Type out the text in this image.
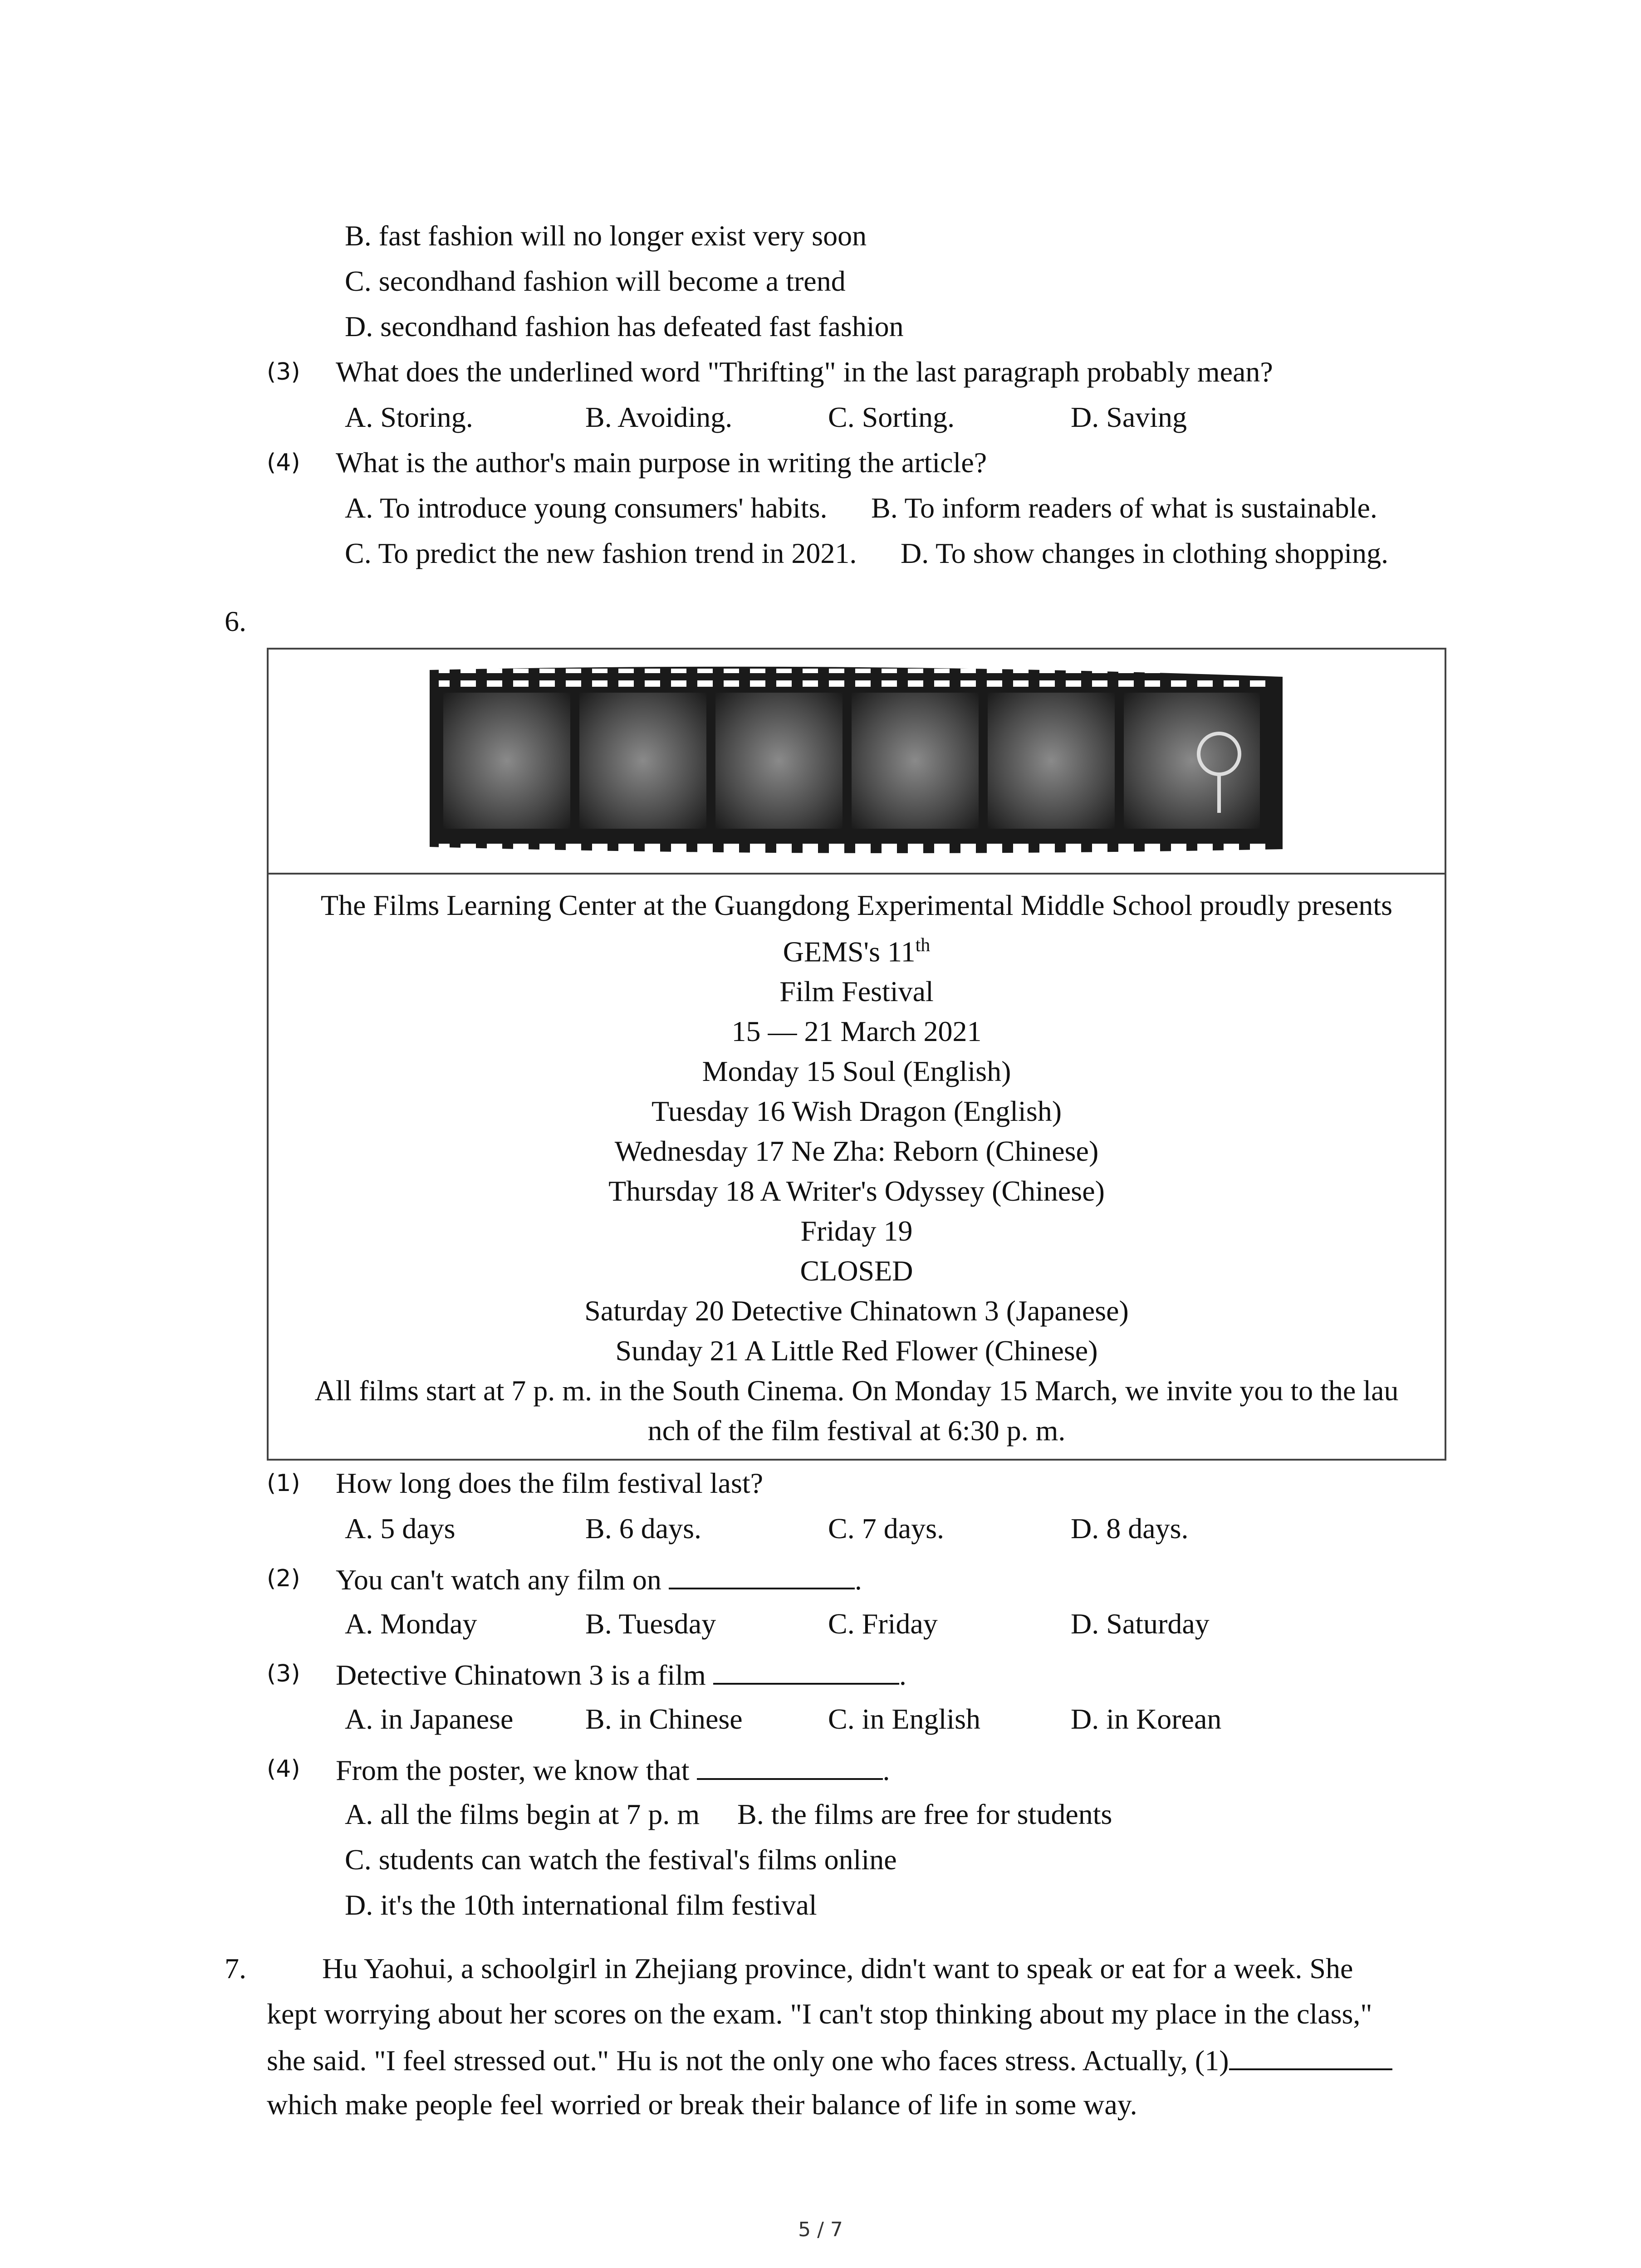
B. fast fashion will no longer exist very soon
C. secondhand fashion will become a trend
D. secondhand fashion has defeated fast fashion
(3) What does the underlined word "Thrifting" in the last paragraph probably mean?
A. Storing.	B. Avoiding.	C. Sorting.	D. Saving
(4) What is the author's main purpose in writing the article?
A. To introduce young consumers' habits. B. To inform readers of what is sustainable.
C. To predict the new fashion trend in 2021. D. To show changes in clothing shopping.
6.
The Films Learning Center at the Guangdong Experimental Middle School proudly presents
GEMS's 11th
Film Festival
15 — 21 March 2021
Monday 15 Soul (English)
Tuesday 16 Wish Dragon (English)
Wednesday 17 Ne Zha: Reborn (Chinese)
Thursday 18 A Writer's Odyssey (Chinese)
Friday 19
CLOSED
Saturday 20 Detective Chinatown 3 (Japanese)
Sunday 21 A Little Red Flower (Chinese)
All films start at 7 p. m. in the South Cinema. On Monday 15 March, we invite you to the lau
nch of the film festival at 6:30 p. m.
(1) How long does the film festival last?
A. 5 days	B. 6 days.	C. 7 days.	D. 8 days.
(2) You can't watch any film on	.
A. Monday	B. Tuesday	C. Friday	D. Saturday
(3) Detective Chinatown 3 is a film	.
A. in Japanese B. in Chinese	C. in English	D. in Korean
(4) From the poster, we know that	.
A. all the films begin at 7 p. m B. the films are free for students
C. students can watch the festival's films online
D. it's the 10th international film festival
7.	Hu Yaohui, a schoolgirl in Zhejiang province, didn't want to speak or eat for a week. She
kept worrying about her scores on the exam. "I can't stop thinking about my place in the class,"
she said. "I feel stressed out." Hu is not the only one who faces stress. Actually, (1)
which make people feel worried or break their balance of life in some way.
5 / 7
